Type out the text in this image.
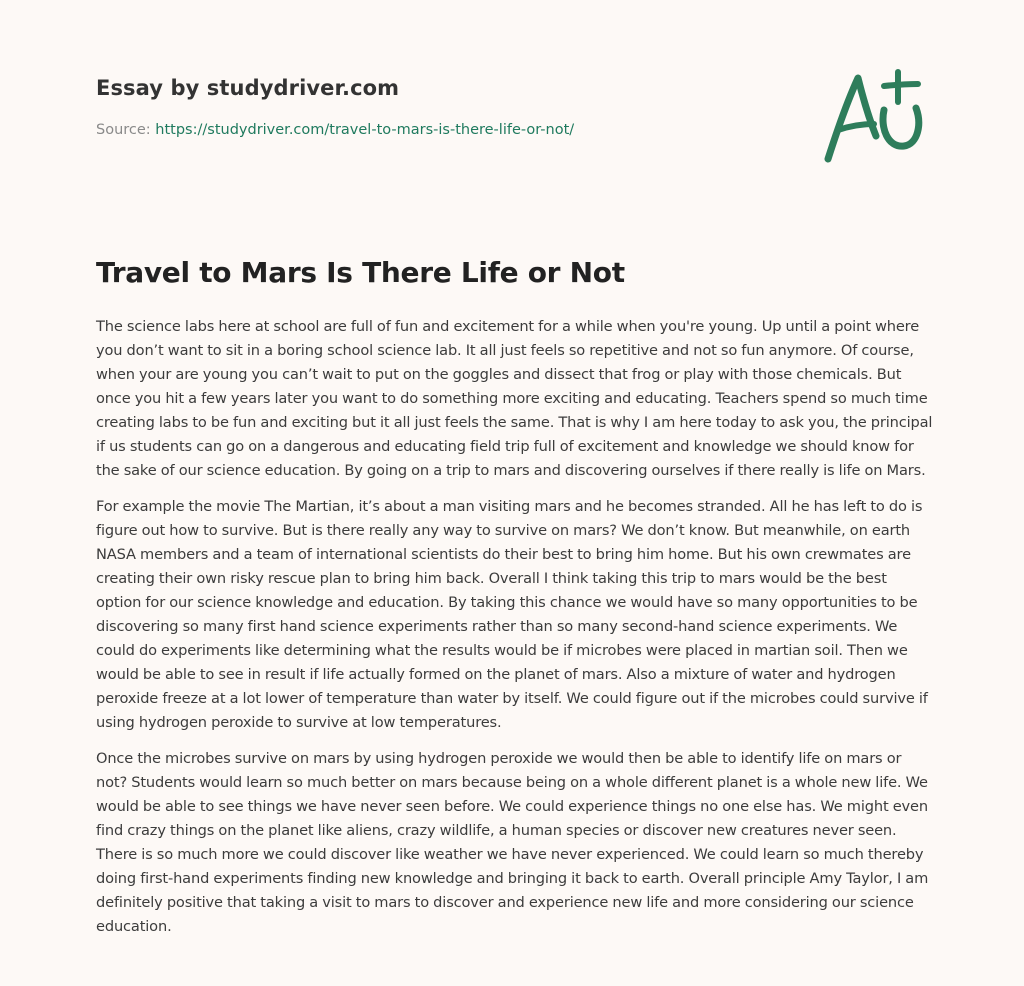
Essay by studydriver.com
Source: https://studydriver.com/travel-to-mars-is-there-life-or-not/
Travel to Mars Is There Life or Not

The science labs here at school are full of fun and excitement for a while when you're young. Up until a point where you don’t want to sit in a boring school science lab. It all just feels so repetitive and not so fun anymore. Of course, when your are young you can’t wait to put on the goggles and dissect that frog or play with those chemicals. But once you hit a few years later you want to do something more exciting and educating. Teachers spend so much time creating labs to be fun and exciting but it all just feels the same. That is why I am here today to ask you, the principal if us students can go on a dangerous and educating field trip full of excitement and knowledge we should know for the sake of our science education. By going on a trip to mars and discovering ourselves if there really is life on Mars.

For example the movie The Martian, it’s about a man visiting mars and he becomes stranded. All he has left to do is figure out how to survive. But is there really any way to survive on mars? We don’t know. But meanwhile, on earth NASA members and a team of international scientists do their best to bring him home. But his own crewmates are creating their own risky rescue plan to bring him back. Overall I think taking this trip to mars would be the best option for our science knowledge and education. By taking this chance we would have so many opportunities to be discovering so many first hand science experiments rather than so many second-hand science experiments. We could do experiments like determining what the results would be if microbes were placed in martian soil. Then we would be able to see in result if life actually formed on the planet of mars. Also a mixture of water and hydrogen peroxide freeze at a lot lower of temperature than water by itself. We could figure out if the microbes could survive if using hydrogen peroxide to survive at low temperatures.

Once the microbes survive on mars by using hydrogen peroxide we would then be able to identify life on mars or not? Students would learn so much better on mars because being on a whole different planet is a whole new life. We would be able to see things we have never seen before. We could experience things no one else has. We might even find crazy things on the planet like aliens, crazy wildlife, a human species or discover new creatures never seen. There is so much more we could discover like weather we have never experienced. We could learn so much thereby doing first-hand experiments finding new knowledge and bringing it back to earth. Overall principle Amy Taylor, I am definitely positive that taking a visit to mars to discover and experience new life and more considering our science education.
